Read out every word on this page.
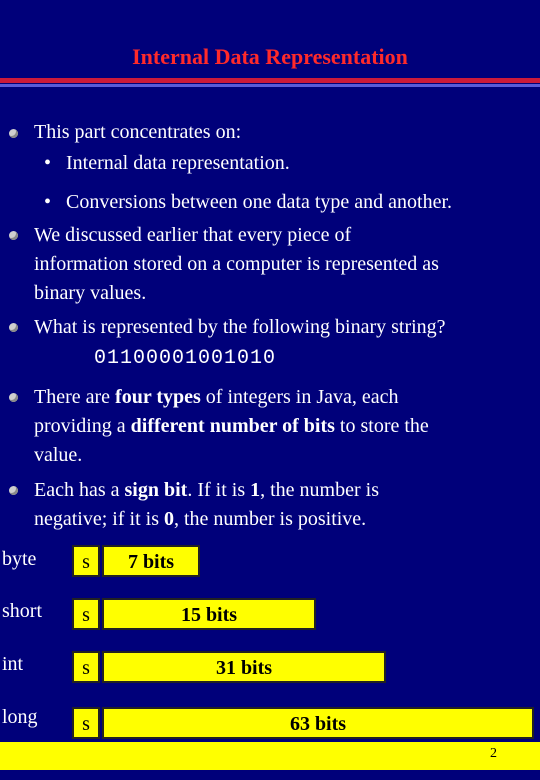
Internal Data Representation
This part concentrates on:
• Internal data representation.
• Conversions between one data type and another.
We discussed earlier that every piece of
information stored on a computer is represented as
binary values.
What is represented by the following binary string?
01100001001010
There are four types of integers in Java, each
providing a different number of bits to store the
value.
Each has a sign bit. If it is 1, the number is
negative; if it is 0, the number is positive.
byte	s	7 bits
short	s	15 bits
int	s	31 bits
long	s	63 bits
2
